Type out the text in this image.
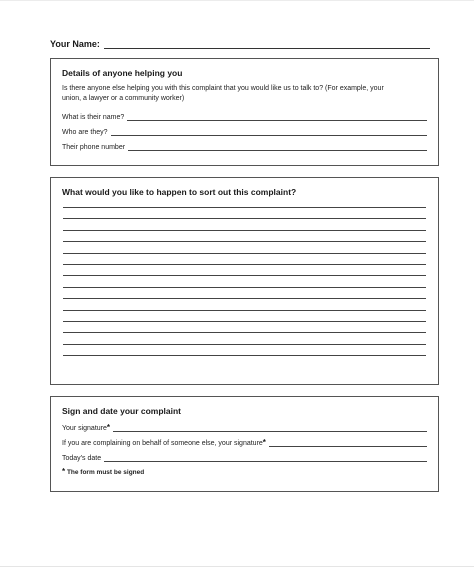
Your Name:
Details of anyone helping you
Is there anyone else helping you with this complaint that you would like us to talk to? (For example, your
union, a lawyer or a community worker)
What is their name?
Who are they?
Their phone number
What would you like to happen to sort out this complaint?
Sign and date your complaint
Your signature *
If you are complaining on behalf of someone else, your signature *
Today's date
* The form must be signed
